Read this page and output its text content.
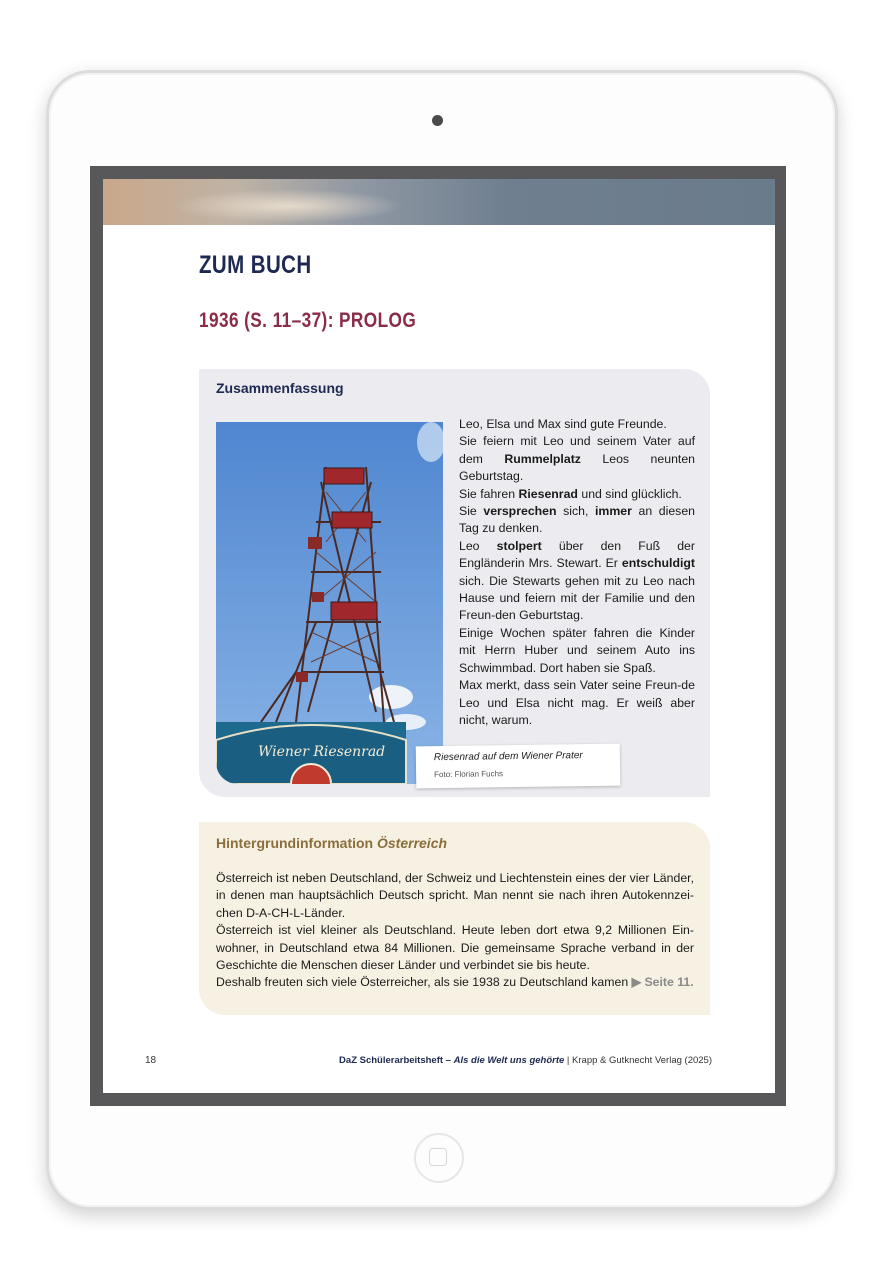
ZUM BUCH
1936 (S. 11–37): PROLOG
Zusammenfassung
Wiener Riesenrad

Leo, Elsa und Max sind gute Freunde.

Sie feiern mit Leo und seinem Vater auf dem Rummelplatz Leos neunten Geburtstag.

Sie fahren Riesenrad und sind glücklich.

Sie versprechen sich, immer an diesen Tag zu denken.

Leo stolpert über den Fuß der Engländerin Mrs. Stewart. Er entschuldigt sich. Die Stewarts gehen mit zu Leo nach Hause und feiern mit der Familie und den Freun-den Geburtstag.

Einige Wochen später fahren die Kinder mit Herrn Huber und seinem Auto ins Schwimmbad. Dort haben sie Spaß.

Max merkt, dass sein Vater seine Freun-de Leo und Elsa nicht mag. Er weiß aber nicht, warum.

Riesenrad auf dem Wiener Prater
Foto: Florian Fuchs
Hintergrundinformation Österreich

Österreich ist neben Deutschland, der Schweiz und Liechtenstein eines der vier Länder, in denen man hauptsächlich Deutsch spricht. Man nennt sie nach ihren Autokennzei-chen D-A-CH-L-Länder.

Österreich ist viel kleiner als Deutschland. Heute leben dort etwa 9,2 Millionen Ein-wohner, in Deutschland etwa 84 Millionen. Die gemeinsame Sprache verband in der Geschichte die Menschen dieser Länder und verbindet sie bis heute.

Deshalb freuten sich viele Österreicher, als sie 1938 zu Deutschland kamen ▶ Seite 11.

18	DaZ Schülerarbeitsheft – Als die Welt uns gehörte | Krapp & Gutknecht Verlag (2025)
